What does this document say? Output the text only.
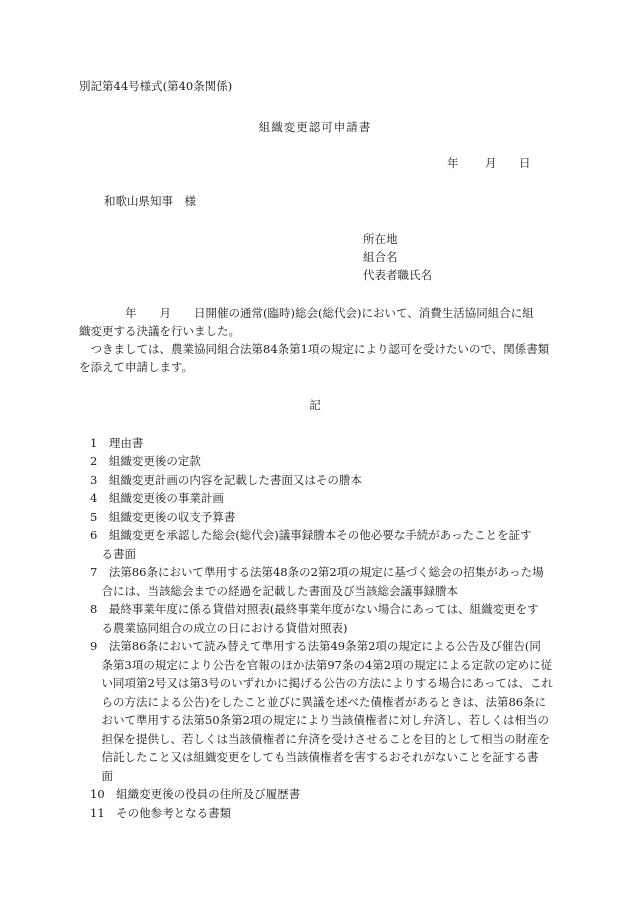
別記第44号様式(第40条関係)
組織変更認可申請書
年 月 日
和歌山県知事　様
所在地
組合名
代表者職氏名
　　　　年　　月　　日開催の通常(臨時)総会(総代会)において、消費生活協同組合に組
織変更する決議を行いました。
　つきましては、農業協同組合法第84条第1項の規定により認可を受けたいので、関係書類
を添えて申請します。
記
1　理由書
2　組織変更後の定款
3　組織変更計画の内容を記載した書面又はその謄本
4　組織変更後の事業計画
5　組織変更後の収支予算書
6　組織変更を承認した総会(総代会)議事録謄本その他必要な手続があったことを証す
　る書面
7　法第86条において準用する法第48条の2第2項の規定に基づく総会の招集があった場
　合には、当該総会までの経過を記載した書面及び当該総会議事録謄本
8　最終事業年度に係る貸借対照表(最終事業年度がない場合にあっては、組織変更をす
　る農業協同組合の成立の日における貸借対照表)
9　法第86条において読み替えて準用する法第49条第2項の規定による公告及び催告(同
　条第3項の規定により公告を官報のほか法第97条の4第2項の規定による定款の定めに従
　い同項第2号又は第3号のいずれかに掲げる公告の方法によりする場合にあっては、これ
　らの方法による公告)をしたこと並びに異議を述べた債権者があるときは、法第86条に
　おいて準用する法第50条第2項の規定により当該債権者に対し弁済し、若しくは相当の
　担保を提供し、若しくは当該債権者に弁済を受けさせることを目的として相当の財産を
　信託したこと又は組織変更をしても当該債権者を害するおそれがないことを証する書
　面
10　組織変更後の役員の住所及び履歴書
11　その他参考となる書類
